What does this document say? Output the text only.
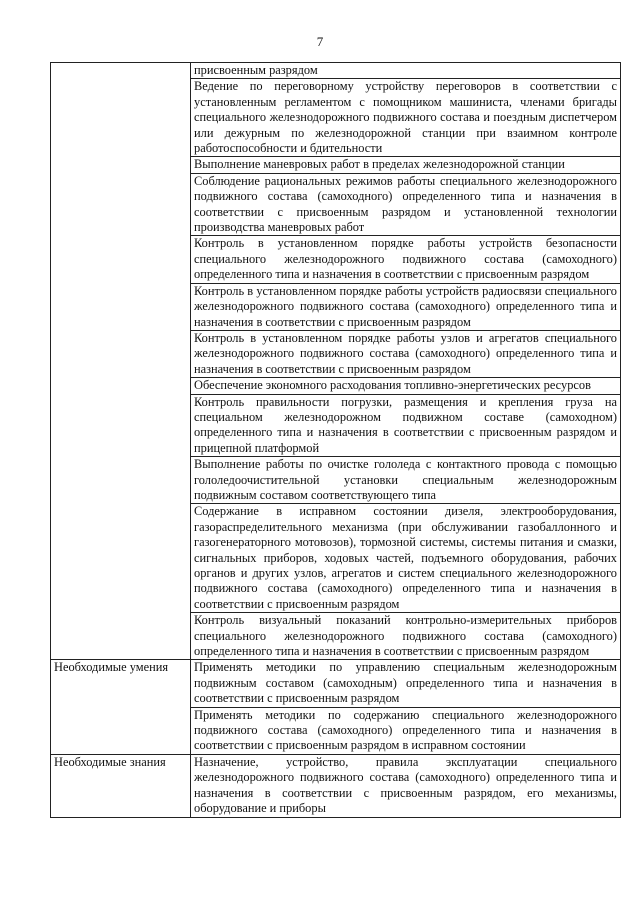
7
	присвоенным разрядом
	Ведение по переговорному устройству переговоров в соответствии с установленным регламентом с помощником машиниста, членами бригады специального железнодорожного подвижного состава и поездным диспетчером или дежурным по железнодорожной станции при взаимном контроле работоспособности и бдительности
	Выполнение маневровых работ в пределах железнодорожной станции
	Соблюдение рациональных режимов работы специального железнодорожного подвижного состава (самоходного) определенного типа и назначения в соответствии с присвоенным разрядом и установленной технологии производства маневровых работ
	Контроль в установленном порядке работы устройств безопасности специального железнодорожного подвижного состава (самоходного) определенного типа и назначения в соответствии с присвоенным разрядом
	Контроль в установленном порядке работы устройств радиосвязи специального железнодорожного подвижного состава (самоходного) определенного типа и назначения в соответствии с присвоенным разрядом
	Контроль в установленном порядке работы узлов и агрегатов специального железнодорожного подвижного состава (самоходного) определенного типа и назначения в соответствии с присвоенным разрядом
	Обеспечение экономного расходования топливно-энергетических ресурсов
	Контроль правильности погрузки, размещения и крепления груза на специальном железнодорожном подвижном составе (самоходном) определенного типа и назначения в соответствии с присвоенным разрядом и прицепной платформой
	Выполнение работы по очистке гололеда с контактного провода с помощью гололедоочистительной установки специальным железнодорожным подвижным составом соответствующего типа
	Содержание в исправном состоянии дизеля, электрооборудования, газораспределительного механизма (при обслуживании газобаллонного и газогенераторного мотовозов), тормозной системы, системы питания и смазки, сигнальных приборов, ходовых частей, подъемного оборудования, рабочих органов и других узлов, агрегатов и систем специального железнодорожного подвижного состава (самоходного) определенного типа и назначения в соответствии с присвоенным разрядом
	Контроль визуальный показаний контрольно-измерительных приборов специального железнодорожного подвижного состава (самоходного) определенного типа и назначения в соответствии с присвоенным разрядом
Необходимые умения	Применять методики по управлению специальным железнодорожным подвижным составом (самоходным) определенного типа и назначения в соответствии с присвоенным разрядом
	Применять методики по содержанию специального железнодорожного подвижного состава (самоходного) определенного типа и назначения в соответствии с присвоенным разрядом в исправном состоянии
Необходимые знания	Назначение, устройство, правила эксплуатации специального железнодорожного подвижного состава (самоходного) определенного типа и назначения в соответствии с присвоенным разрядом, его механизмы, оборудование и приборы
